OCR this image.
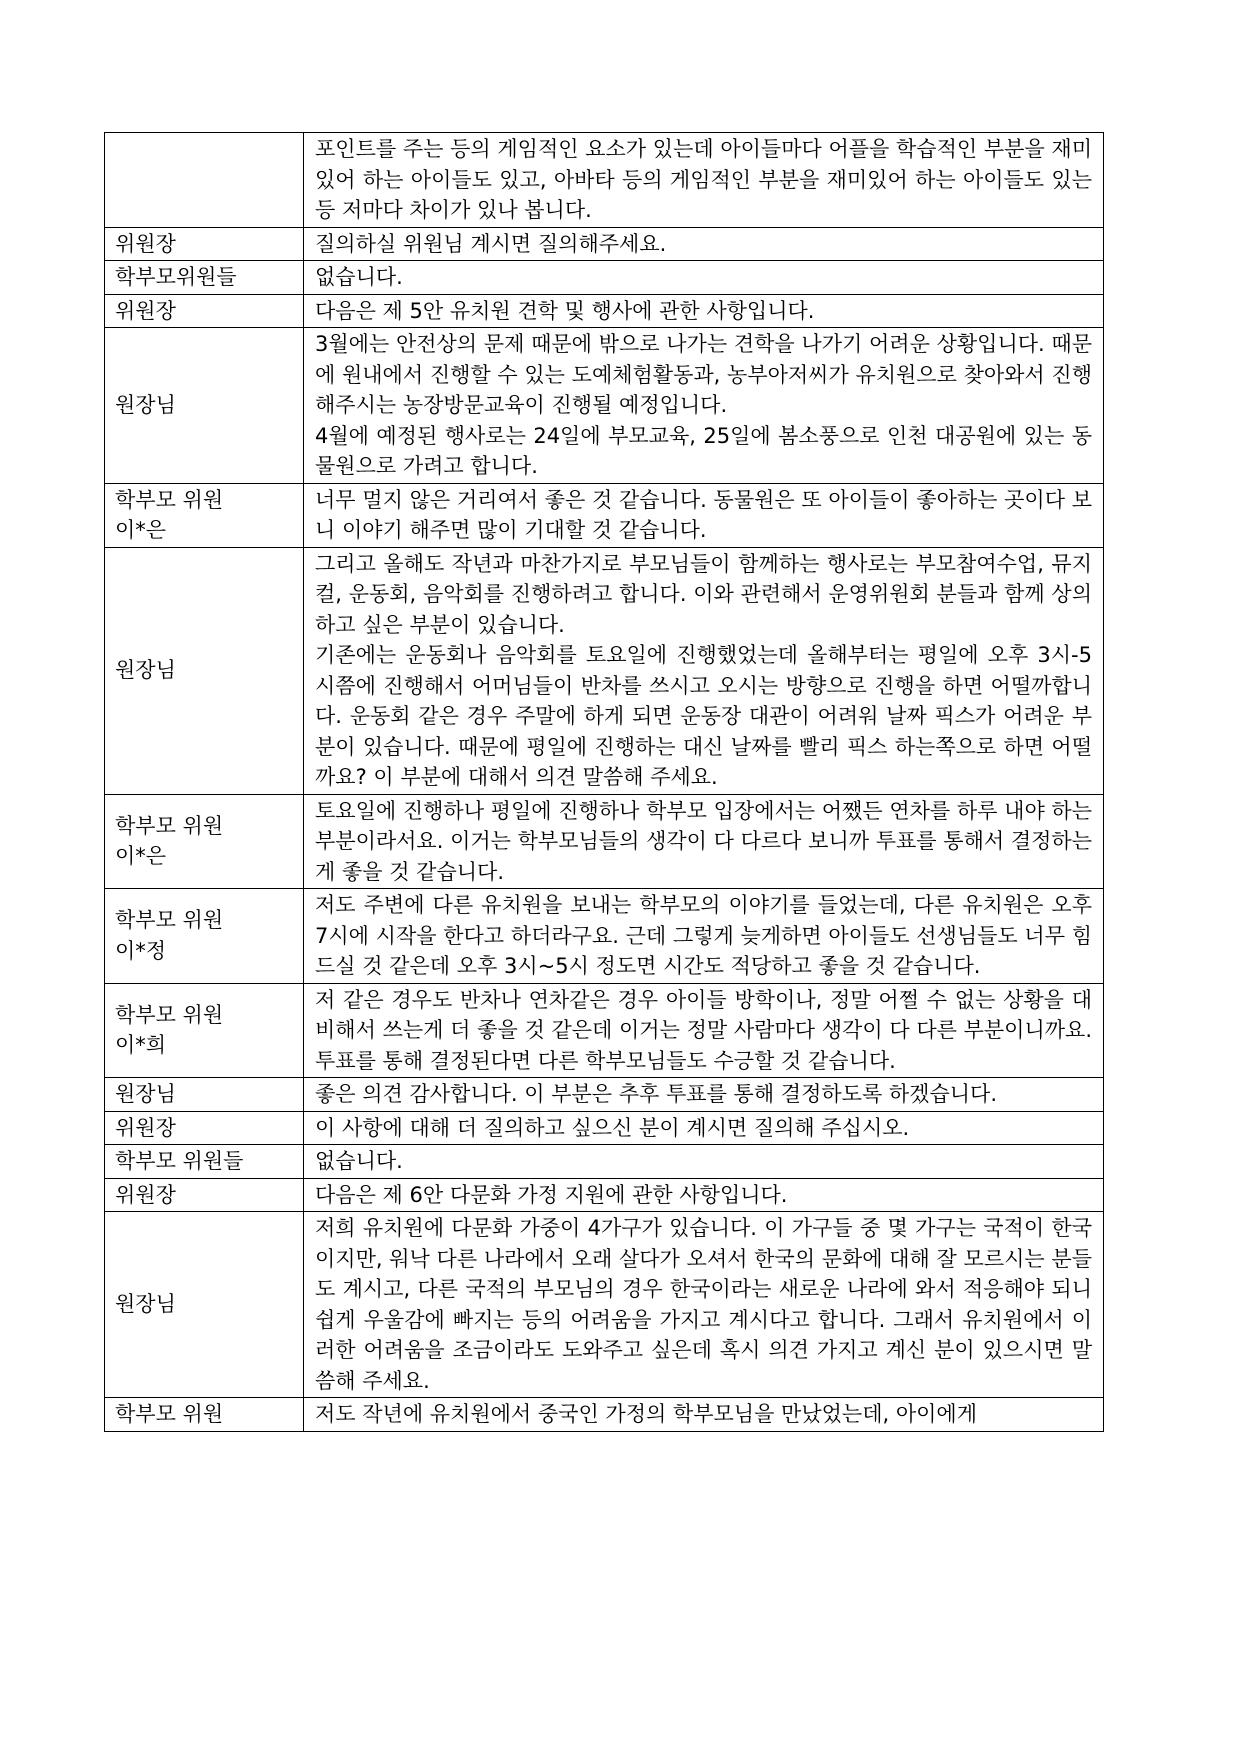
	포인트를 주는 등의 게임적인 요소가 있는데 아이들마다 어플을 학습적인 부분을 재미있어 하는 아이들도 있고, 아바타 등의 게임적인 부분을 재미있어 하는 아이들도 있는 등 저마다 차이가 있나 봅니다.

위원장	질의하실 위원님 계시면 질의해주세요.

학부모위원들	없습니다.

위원장	다음은 제 5안 유치원 견학 및 행사에 관한 사항입니다.

원장님	3월에는 안전상의 문제 때문에 밖으로 나가는 견학을 나가기 어려운 상황입니다. 때문에 원내에서 진행할 수 있는 도예체험활동과, 농부아저씨가 유치원으로 찾아와서 진행해주시는 농장방문교육이 진행될 예정입니다.
4월에 예정된 행사로는 24일에 부모교육, 25일에 봄소풍으로 인천 대공원에 있는 동물원으로 가려고 합니다.

학부모 위원
이*은	너무 멀지 않은 거리여서 좋은 것 같습니다. 동물원은 또 아이들이 좋아하는 곳이다 보니 이야기 해주면 많이 기대할 것 같습니다.

원장님	그리고 올해도 작년과 마찬가지로 부모님들이 함께하는 행사로는 부모참여수업, 뮤지컬, 운동회, 음악회를 진행하려고 합니다. 이와 관련해서 운영위원회 분들과 함께 상의하고 싶은 부분이 있습니다.
기존에는 운동회나 음악회를 토요일에 진행했었는데 올해부터는 평일에 오후 3시-5시쯤에 진행해서 어머님들이 반차를 쓰시고 오시는 방향으로 진행을 하면 어떨까합니다. 운동회 같은 경우 주말에 하게 되면 운동장 대관이 어려워 날짜 픽스가 어려운 부분이 있습니다. 때문에 평일에 진행하는 대신 날짜를 빨리 픽스 하는쪽으로 하면 어떨까요? 이 부분에 대해서 의견 말씀해 주세요.

학부모 위원
이*은	토요일에 진행하나 평일에 진행하나 학부모 입장에서는 어쨌든 연차를 하루 내야 하는 부분이라서요. 이거는 학부모님들의 생각이 다 다르다 보니까 투표를 통해서 결정하는게 좋을 것 같습니다.

학부모 위원
이*정	저도 주변에 다른 유치원을 보내는 학부모의 이야기를 들었는데, 다른 유치원은 오후 7시에 시작을 한다고 하더라구요. 근데 그렇게 늦게하면 아이들도 선생님들도 너무 힘드실 것 같은데 오후 3시~5시 정도면 시간도 적당하고 좋을 것 같습니다.

학부모 위원
이*희	저 같은 경우도 반차나 연차같은 경우 아이들 방학이나, 정말 어쩔 수 없는 상황을 대비해서 쓰는게 더 좋을 것 같은데 이거는 정말 사람마다 생각이 다 다른 부분이니까요. 투표를 통해 결정된다면 다른 학부모님들도 수긍할 것 같습니다.

원장님	좋은 의견 감사합니다. 이 부분은 추후 투표를 통해 결정하도록 하겠습니다.

위원장	이 사항에 대해 더 질의하고 싶으신 분이 계시면 질의해 주십시오.

학부모 위원들	없습니다.

위원장	다음은 제 6안 다문화 가정 지원에 관한 사항입니다.

원장님	저희 유치원에 다문화 가중이 4가구가 있습니다. 이 가구들 중 몇 가구는 국적이 한국이지만, 워낙 다른 나라에서 오래 살다가 오셔서 한국의 문화에 대해 잘 모르시는 분들도 계시고, 다른 국적의 부모님의 경우 한국이라는 새로운 나라에 와서 적응해야 되니 쉽게 우울감에 빠지는 등의 어려움을 가지고 계시다고 합니다. 그래서 유치원에서 이러한 어려움을 조금이라도 도와주고 싶은데 혹시 의견 가지고 계신 분이 있으시면 말씀해 주세요.

학부모 위원	저도 작년에 유치원에서 중국인 가정의 학부모님을 만났었는데, 아이에게
